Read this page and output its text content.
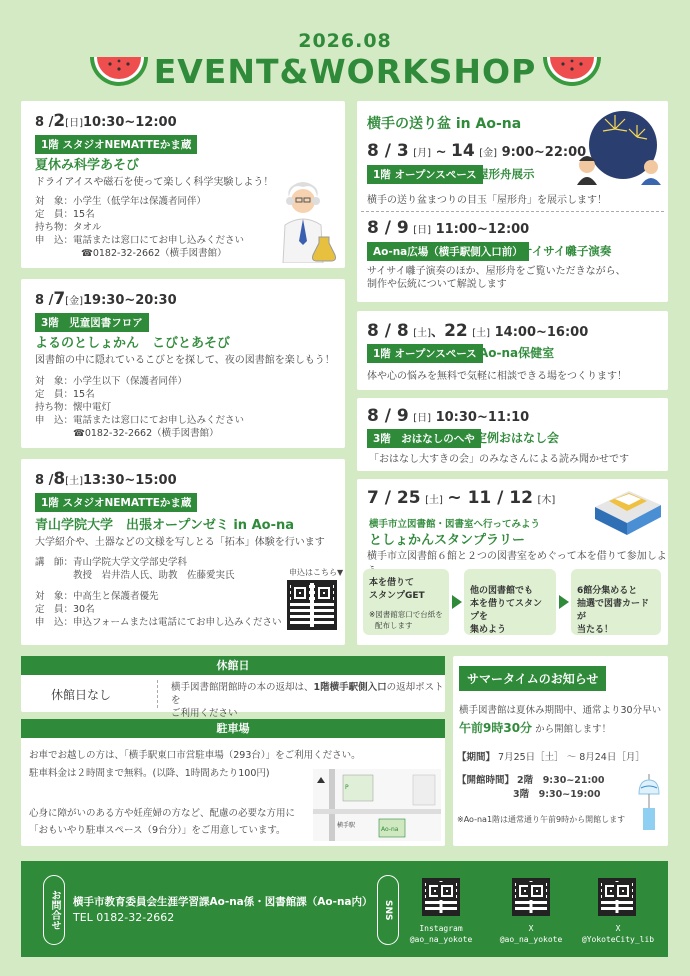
2026.08
EVENT&WORKSHOP
8 /2[日]10:30~12:00
1階 スタジオNEMATTEかま蔵
夏休み科学あそび
ドライアイスや磁石を使って楽しく科学実験しよう！
対　象：小学生（低学年は保護者同伴）
定　員：15名
持ち物：タオル
申　込：電話または窓口にてお申し込みください
☎0182-32-2662（横手図書館）
8 /7[金]19:30~20:30
3階　児童図書フロア
よるのとしょかん　こびとあそび
図書館の中に隠れているこびとを探して、夜の図書館を楽しもう！
対　象：小学生以下（保護者同伴）
定　員：15名
持ち物：懐中電灯
申　込：電話または窓口にてお申し込みください
☎0182-32-2662（横手図書館）
8 /8[土]13:30~15:00
1階 スタジオNEMATTEかま蔵
青山学院大学　出張オープンゼミ in Ao-na
大学紹介や、土器などの文様を写しとる「拓本」体験を行います
講　師：青山学院大学文学部史学科
　　　　教授　岩井浩人氏、助教　佐藤愛実氏
対　象：中高生と保護者優先
定　員：30名
申　込：申込フォームまたは電話にてお申し込みください
申込はこちら▼
横手の送り盆 in Ao-na
8 / 3 [月] ~ 14 [金] 9:00~22:00
1階 オープンスペース 屋形舟展示
横手の送り盆まつりの目玉「屋形舟」を展示します！
8 / 9 [日] 11:00~12:00
Ao-na広場（横手駅側入口前）
サイサイ囃子演奏
サイサイ囃子演奏のほか、屋形舟をご覧いただきながら、
制作や伝統について解説します
8 / 8 [土]、22 [土] 14:00~16:00
1階 オープンスペース Ao-na保健室
体や心の悩みを無料で気軽に相談できる場をつくります！
8 / 9 [日] 10:30~11:10
3階　おはなしのへや 定例おはなし会
「おはなし大すきの会」のみなさんによる読み聞かせです
7 / 25 [土] ~ 11 / 12 [木]
横手市立図書館・図書室へ行ってみよう
としょかんスタンプラリー
横手市立図書館６館と２つの図書室をめぐって本を借りて参加しよ
本を借りて
スタンプGET
※図書館窓口で台紙を
配布します
他の図書館でも
本を借りてスタンプを
集めよう
6館分集めると
抽選で図書カードが
当たる！
休館日
休館日なし
横手図書館閉館時の本の返却は、1階横手駅側入口の返却ポストを
ご利用ください
駐車場
お車でお越しの方は、「横手駅東口市営駐車場（293台）」をご利用ください。
駐車料金は２時間まで無料。(以降、1時間あたり100円)
心身に障がいのある方や妊産婦の方など、配慮の必要な方用に
「おもいやり駐車スペース（9台分）」をご用意しています。
P
Ao-na
横手駅
サマータイムのお知らせ
横手図書館は夏休み期間中、通常より30分早い
午前9時30分 から開館します！
【期間】 7月25日［土］ ～ 8月24日［月］
【開館時間】 2階　 9:30~21:00
3階　 9:30~19:00
※Ao-na1階は通常通り午前9時から開館します
お問合せ	横手市教育委員会生涯学習課Ao-na係・図書館課（Ao-na内）
TEL 0182-32-2662	SNS
Instagram
@ao_na_yokote
X
@ao_na_yokote
X
@YokoteCity_lib
